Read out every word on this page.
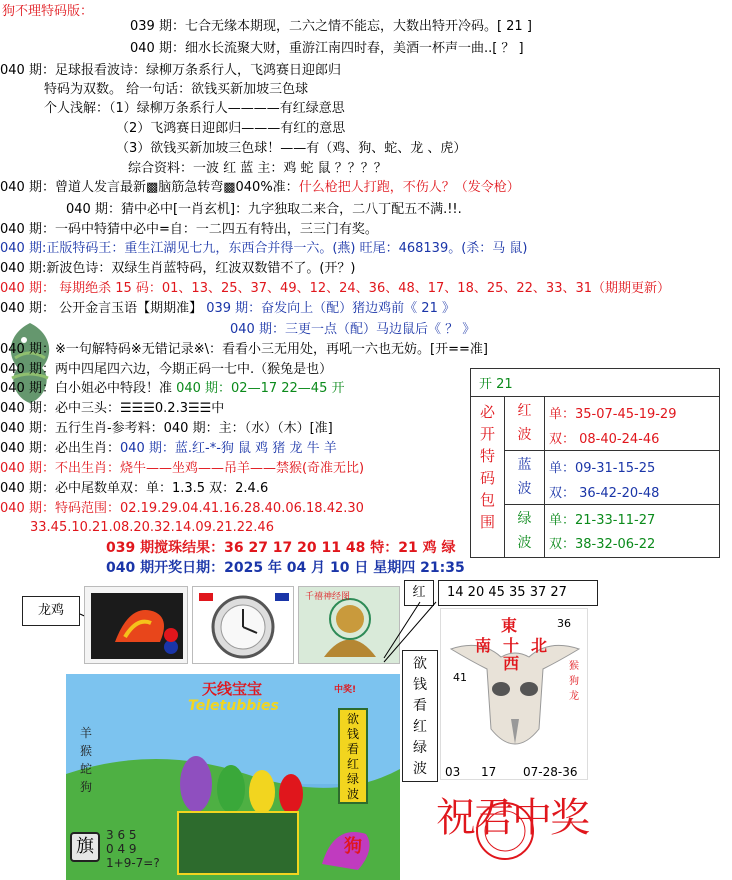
狗不理特码版：
039 期：七合无缘本期现，二六之情不能忘，大数出特开冷码。[ 21 ]
040 期：细水长流聚大财，重游江南四时春，美酒一杯声一曲..[ ？ ]
040 期：足球报看波诗：绿柳万条系行人，飞鸿赛日迎郎归
特码为双数。 给一句话：欲钱买新加坡三色球
个人浅解：（1）绿柳万条系行人————有红绿意思
（2）飞鸿赛日迎郎归———有红的意思
（3）欲钱买新加坡三色球！——有（鸡、狗、蛇、龙 、虎）
综合资料：一波 红 蓝 主：鸡 蛇 鼠 ？？？？
040 期：曾道人发言最新▩脑筋急转弯▩040%准：什么枪把人打跑，不伤人？（发令枪）
040 期：猜中必中[一肖玄机]：九字独取二来合，二八丁配五不满.!!.
040 期：一码中特猜中必中=自：一二四五有特出，三三门有奖。
040 期:正版特码王：重生江湖见七九，东西合并得一六。(燕) 旺尾：468139。(杀：马 鼠)
040 期:新波色诗：双绿生肖蓝特码，红波双数错不了。(开？)
040 期： 每期绝杀 15 码：01、13、25、37、49、12、24、36、48、17、18、25、22、33、31（期期更新）
040 期： 公开金言玉语【期期准】 039 期：奋发向上（配）猪边鸡前《 21 》
040 期：三更一点（配）马边鼠后《 ？ 》
040 期：※一句解特码※无错记录※\：看看小三无用处，再吼一六也无妨。[开==准]
040 期：两中四尾四六边，今期正码一七中.（猴兔是也）
040 期：白小姐必中特段！准 040 期：02—17 22—45 开
040 期：必中三头：☰☰☰0.2.3☰☰中
040 期：五行生肖-参考料：040 期：主：（水）（木）[准]
040 期：必出生肖：040 期：蓝.红-*-狗 鼠 鸡 猪 龙 牛 羊
040 期：不出生肖：烧牛——坐鸡——吊羊——禁猴(奇准无比)
040 期：必中尾数单双：单：1.3.5 双：2.4.6
040 期：特码范围：02.19.29.04.41.16.28.40.06.18.42.30
33.45.10.21.08.20.32.14.09.21.22.46
039 期搅珠结果：36 27 17 20 11 48 特：21 鸡 绿
040 期开奖日期：2025 年 04 月 10 日 星期四 21:35
开 21
必
开
特
码
包
围
红波
单：35-07-45-19-29
双： 08-40-24-46
蓝波
单：09-31-15-25
双： 36-42-20-48
绿波
单：21-33-11-27
双：38-32-06-22
龙鸡
千禧神经图	红	14 20 45 35 37 27
東
南 十 北
西
36
41
猴狗龙
03 17 07-28-36
欲
钱
看
红
绿
波
天线宝宝
Teletubbies
中奖!
羊
猴
蛇
狗
欲
钱
看
红
绿
波
旗
3 6 5
0 4 9
1+9-7=?
狗
祝君中奖
